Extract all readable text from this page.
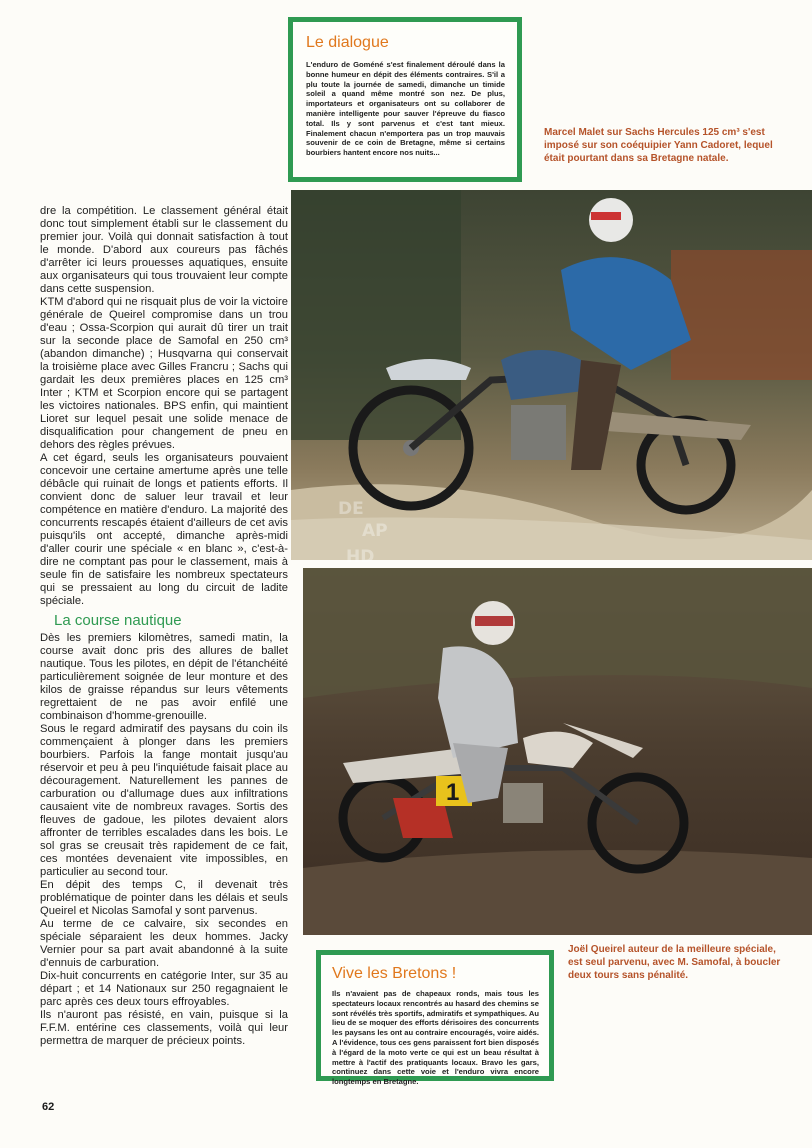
Le dialogue

L'enduro de Goméné s'est finalement déroulé dans la bonne humeur en dépit des éléments contraires. S'il a plu toute la journée de samedi, dimanche un timide soleil a quand même montré son nez. De plus, importateurs et organisateurs ont su collaborer de manière intelligente pour sauver l'épreuve du fiasco total. Ils y sont parvenus et c'est tant mieux. Finalement chacun n'emportera pas un trop mauvais souvenir de ce coin de Bretagne, même si certains bourbiers hantent encore nos nuits...

Marcel Malet sur Sachs Hercules 125 cm³ s'est imposé sur son coéquipier Yann Cadoret, lequel était pourtant dans sa Bretagne natale.
1
DE
AP
HD
Joël Queirel auteur de la meilleure spéciale, est seul parvenu, avec M. Samofal, à boucler deux tours sans pénalité.

dre la compétition. Le classement général était donc tout simplement établi sur le classement du premier jour. Voilà qui donnait satisfaction à tout le monde. D'abord aux coureurs pas fâchés d'arrêter ici leurs prouesses aquatiques, ensuite aux organisateurs qui tous trouvaient leur compte dans cette suspension.

KTM d'abord qui ne risquait plus de voir la victoire générale de Queirel compromise dans un trou d'eau ; Ossa-Scorpion qui aurait dû tirer un trait sur la seconde place de Samofal en 250 cm³ (abandon dimanche) ; Husqvarna qui conservait la troisième place avec Gilles Francru ; Sachs qui gardait les deux premières places en 125 cm³ Inter ; KTM et Scorpion encore qui se partagent les victoires nationales. BPS enfin, qui maintient Lioret sur lequel pesait une solide menace de disqualification pour changement de pneu en dehors des règles prévues.

A cet égard, seuls les organisateurs pouvaient concevoir une certaine amertume après une telle débâcle qui ruinait de longs et patients efforts. Il convient donc de saluer leur travail et leur compétence en matière d'enduro. La majorité des concurrents rescapés étaient d'ailleurs de cet avis puisqu'ils ont accepté, dimanche après-midi d'aller courir une spéciale « en blanc », c'est-à-dire ne comptant pas pour le classement, mais à seule fin de satisfaire les nombreux spectateurs qui se pressaient au long du circuit de ladite spéciale.

La course nautique

Dès les premiers kilomètres, samedi matin, la course avait donc pris des allures de ballet nautique. Tous les pilotes, en dépit de l'étanchéité particulièrement soignée de leur monture et des kilos de graisse répandus sur leurs vêtements regrettaient de ne pas avoir enfilé une combinaison d'homme-grenouille.

Sous le regard admiratif des paysans du coin ils commençaient à plonger dans les premiers bourbiers. Parfois la fange montait jusqu'au réservoir et peu à peu l'inquiétude faisait place au découragement. Naturellement les pannes de carburation ou d'allumage dues aux infiltrations causaient vite de nombreux ravages. Sortis des fleuves de gadoue, les pilotes devaient alors affronter de terribles escalades dans les bois. Le sol gras se creusait très rapidement de ce fait, ces montées devenaient vite impossibles, en particulier au second tour.

En dépit des temps C, il devenait très problématique de pointer dans les délais et seuls Queirel et Nicolas Samofal y sont parvenus.

Au terme de ce calvaire, six secondes en spéciale séparaient les deux hommes. Jacky Vernier pour sa part avait abandonné à la suite d'ennuis de carburation.

Dix-huit concurrents en catégorie Inter, sur 35 au départ ; et 14 Nationaux sur 250 regagnaient le parc après ces deux tours effroyables.

Ils n'auront pas résisté, en vain, puisque si la F.F.M. entérine ces classements, voilà qui leur permettra de marquer de précieux points.

Vive les Bretons !

Ils n'avaient pas de chapeaux ronds, mais tous les spectateurs locaux rencontrés au hasard des chemins se sont révélés très sportifs, admiratifs et sympathiques. Au lieu de se moquer des efforts dérisoires des concurrents les paysans les ont au contraire encouragés, voire aidés. A l'évidence, tous ces gens paraissent fort bien disposés à l'égard de la moto verte ce qui est un beau résultat à mettre à l'actif des pratiquants locaux. Bravo les gars, continuez dans cette voie et l'enduro vivra encore longtemps en Bretagne.

62
